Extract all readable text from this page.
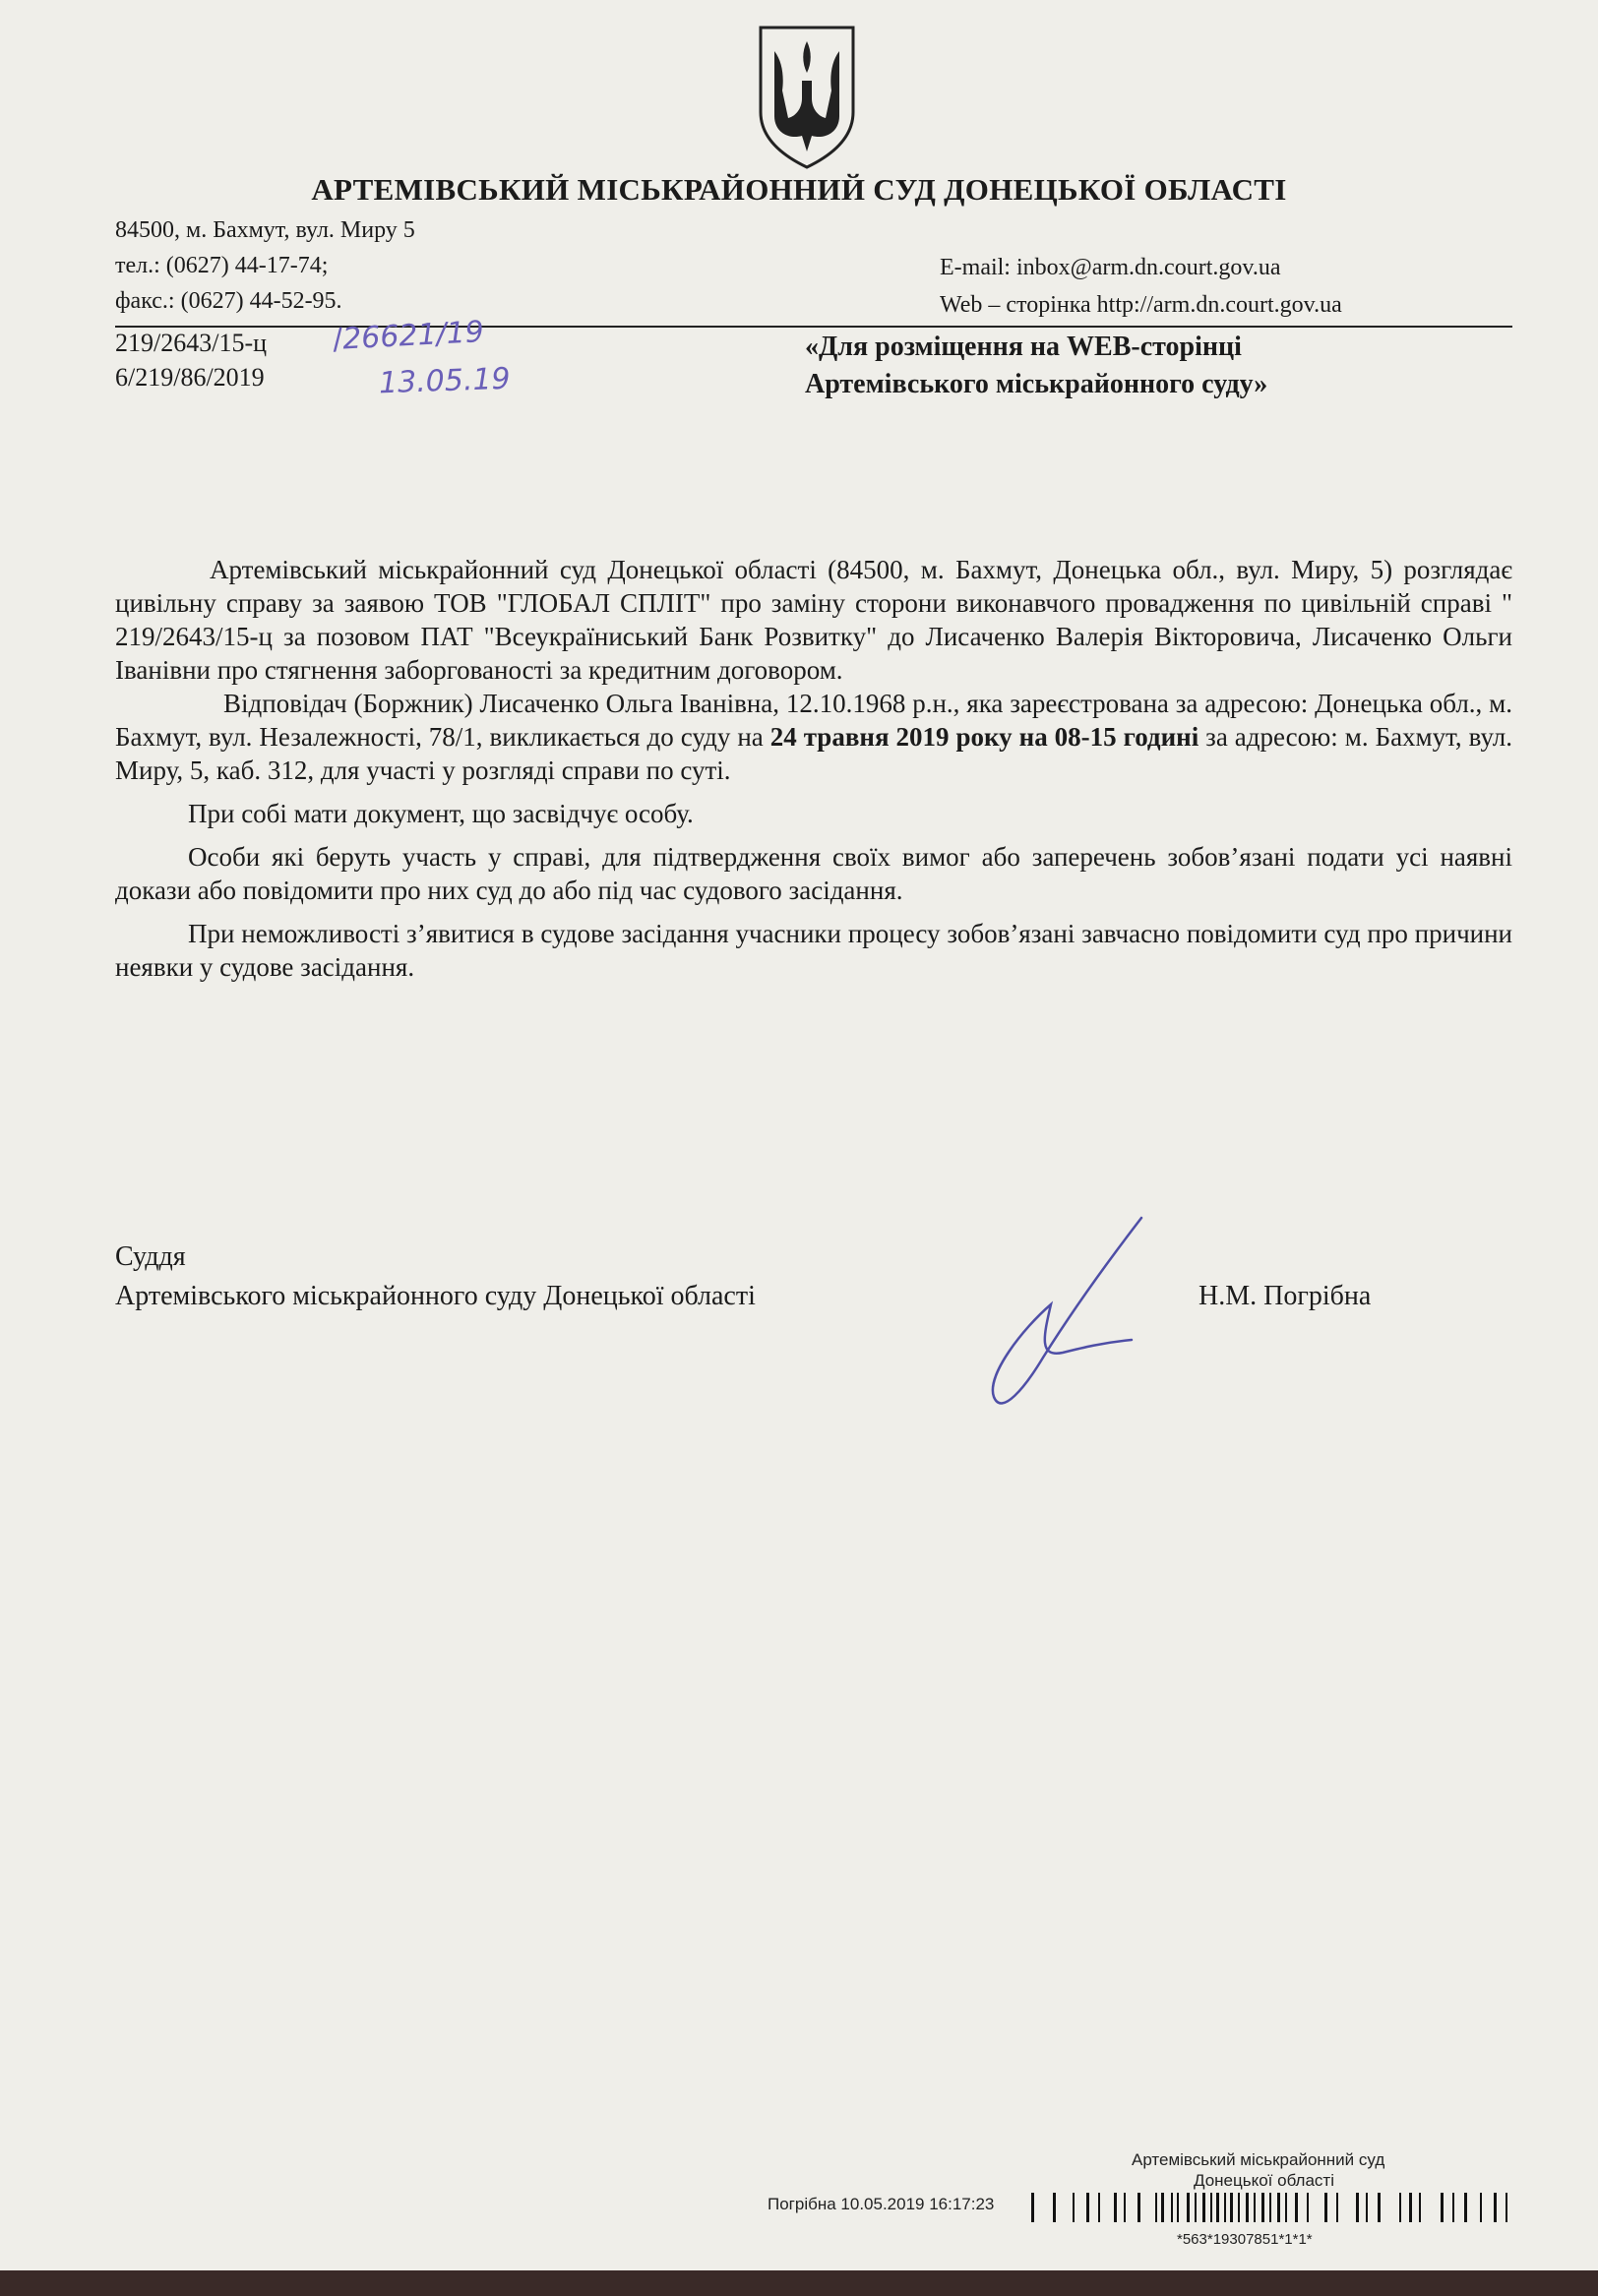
АРТЕМІВСЬКИЙ МІСЬКРАЙОННИЙ СУД ДОНЕЦЬКОЇ ОБЛАСТІ
84500, м. Бахмут, вул. Миру 5
тел.: (0627) 44-17-74;
факс.: (0627) 44-52-95.
E-mail: inbox@arm.dn.court.gov.ua
Web – сторінка http://arm.dn.court.gov.ua
219/2643/15-ц
6/219/86/2019
/26621/19
13.05.19
«Для розміщення на WEB-сторінці
Артемівського міськрайонного суду»

Артемівський міськрайонний суд Донецької області (84500, м. Бахмут, Донецька обл., вул. Миру, 5) розглядає цивільну справу за заявою ТОВ "ГЛОБАЛ СПЛІТ" про заміну сторони виконавчого провадження по цивільній справі " 219/2643/15-ц за позовом ПАТ "Всеукраїниський Банк Розвитку" до Лисаченко Валерія Вікторовича, Лисаченко Ольги Іванівни про стягнення заборгованості за кредитним договором.

Відповідач (Боржник) Лисаченко Ольга Іванівна, 12.10.1968 р.н., яка зареєстрована за адресою: Донецька обл., м. Бахмут, вул. Незалежності, 78/1, викликається до суду на 24 травня 2019 року на 08-15 годині за адресою: м. Бахмут, вул. Миру, 5, каб. 312, для участі у розгляді справи по суті.

При собі мати документ, що засвідчує особу.

Особи які беруть участь у справі, для підтвердження своїх вимог або заперечень зобов’язані подати усі наявні докази або повідомити про них суд до або під час судового засідання.

При неможливості з’явитися в судове засідання учасники процесу зобов’язані завчасно повідомити суд про причини неявки у судове засідання.

Суддя
Артемівського міськрайонного суду Донецької області	Н.М. Погрібна
Артемівський міськрайонний суд
Донецької області
Погрібна 10.05.2019 16:17:23
*563*19307851*1*1*
